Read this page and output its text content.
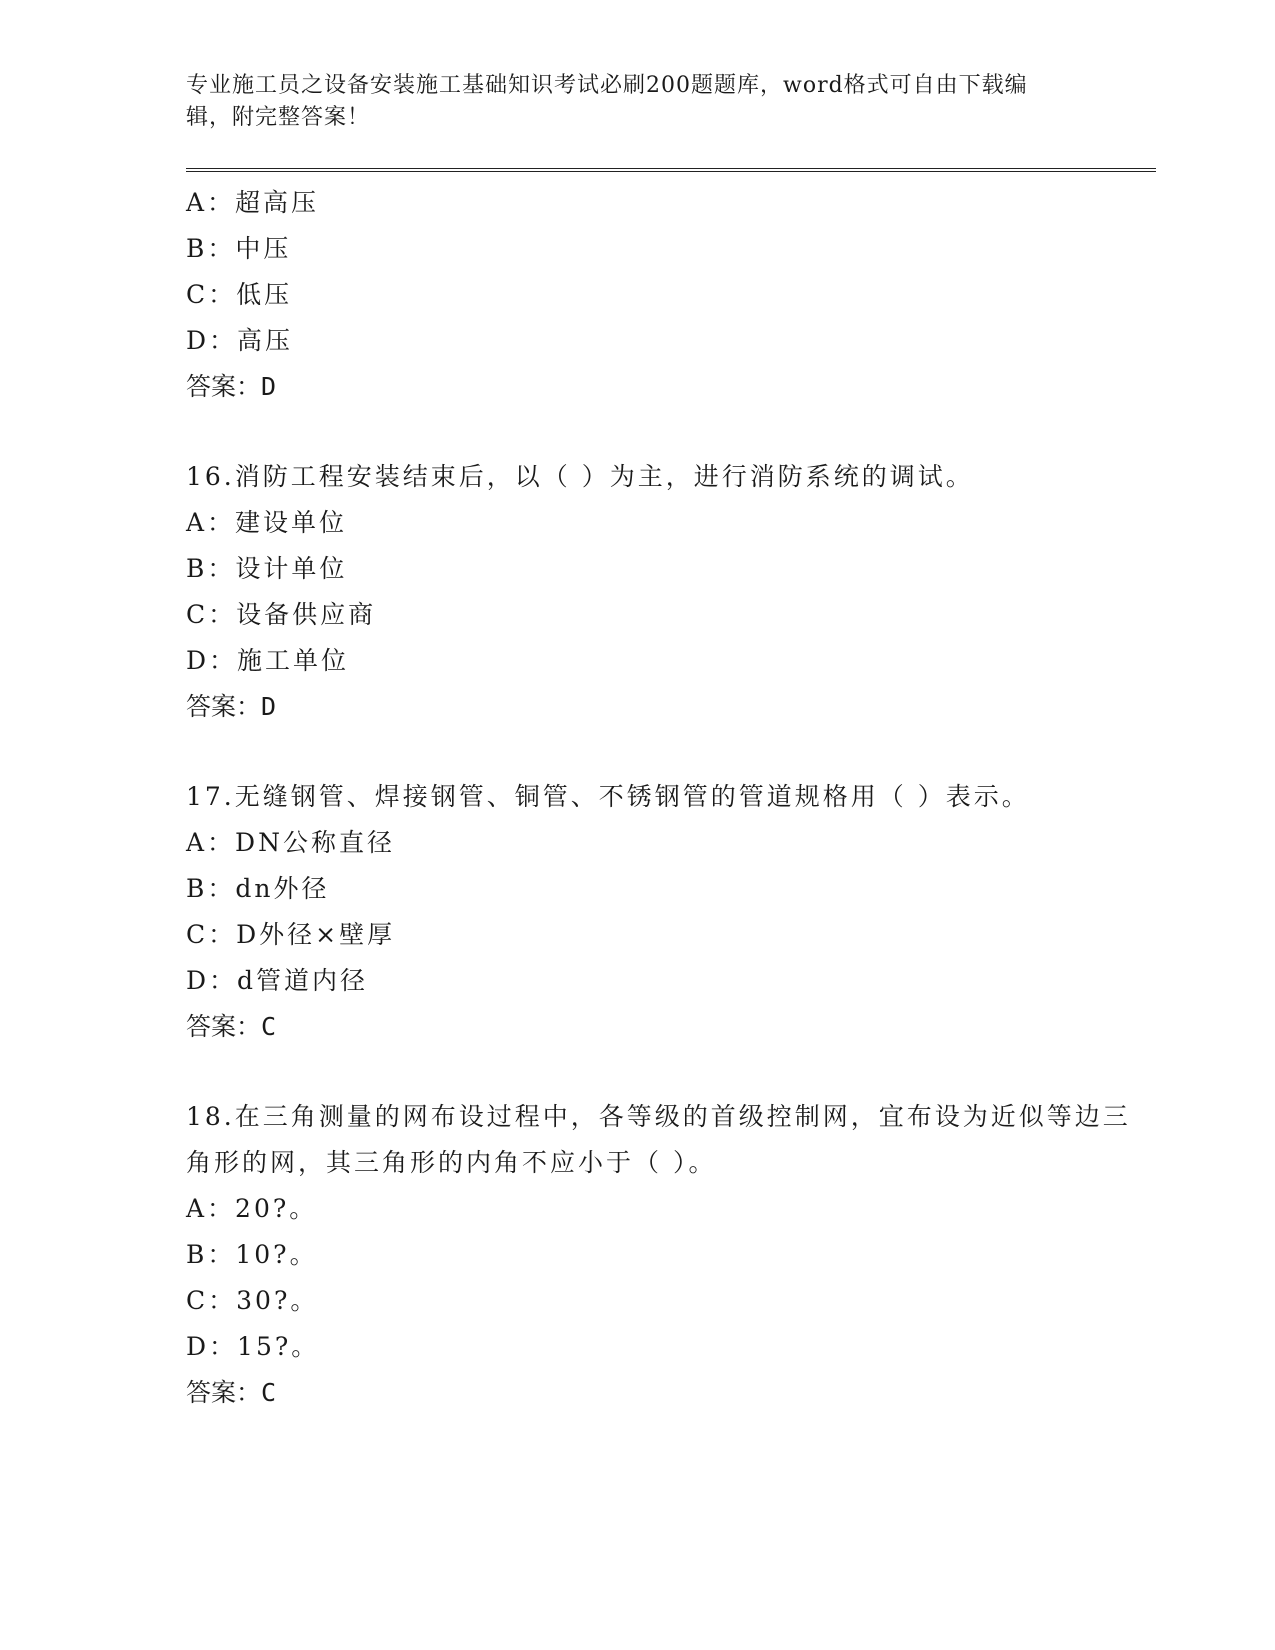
专业施工员之设备安装施工基础知识考试必刷200题题库，word格式可自由下载编辑，附完整答案！

A：超高压

B：中压

C：低压

D：高压

答案：D

16.消防工程安装结束后，以（ ）为主，进行消防系统的调试。

A：建设单位

B：设计单位

C：设备供应商

D：施工单位

答案：D

17.无缝钢管、焊接钢管、铜管、不锈钢管的管道规格用（ ）表示。

A：DN公称直径

B：dn外径

C：D外径×壁厚

D：d管道内径

答案：C

18.在三角测量的网布设过程中，各等级的首级控制网，宜布设为近似等边三角形的网，其三角形的内角不应小于（ ）。

A：20?。

B：10?。

C：30?。

D：15?。

答案：C
